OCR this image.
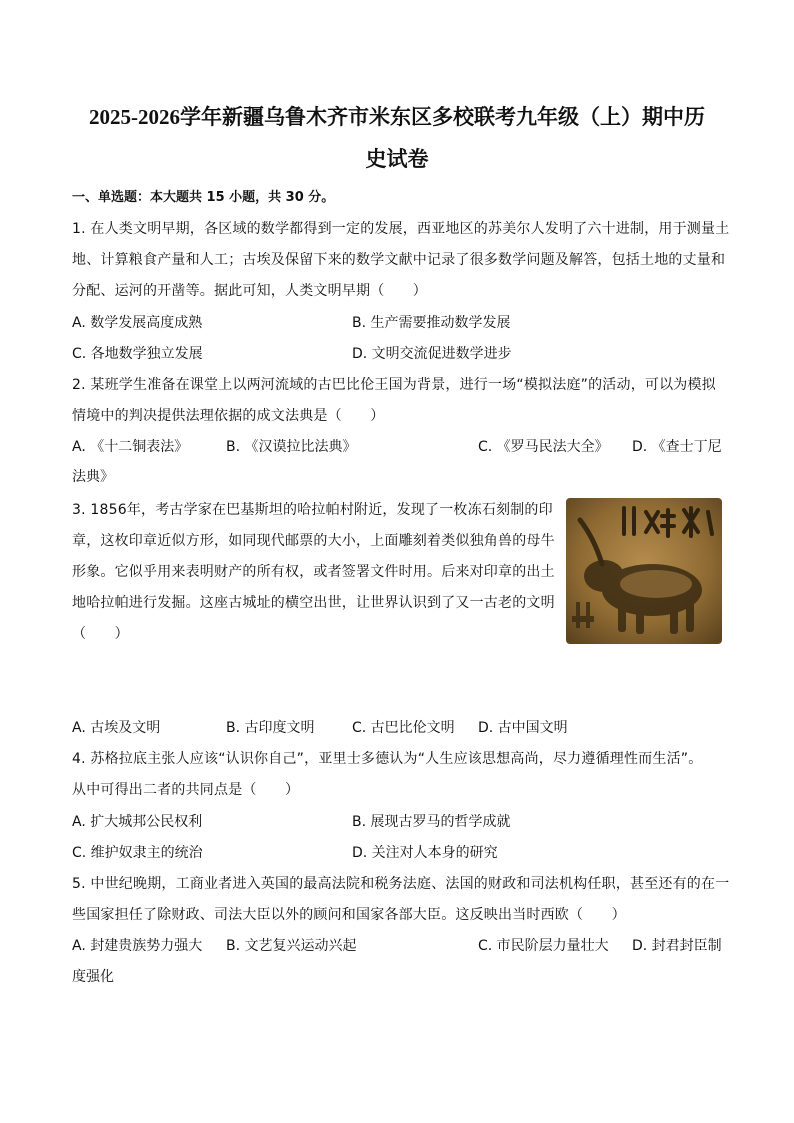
2025-2026学年新疆乌鲁木齐市米东区多校联考九年级（上）期中历
史试卷
一、单选题：本大题共 15 小题，共 30 分。
1. 在人类文明早期，各区域的数学都得到一定的发展，西亚地区的苏美尔人发明了六十进制，用于测量土
地、计算粮食产量和人工；古埃及保留下来的数学文献中记录了很多数学问题及解答，包括土地的丈量和
分配、运河的开凿等。据此可知，人类文明早期（　　）
A. 数学发展高度成熟	B. 生产需要推动数学发展
C. 各地数学独立发展	D. 文明交流促进数学进步
2. 某班学生准备在课堂上以两河流域的古巴比伦王国为背景，进行一场“模拟法庭”的活动，可以为模拟
情境中的判决提供法理依据的成文法典是（　　）
A. 《十二铜表法》	B. 《汉谟拉比法典》	C. 《罗马民法大全》 D. 《查士丁尼
法典》
3. 1856年，考古学家在巴基斯坦的哈拉帕村附近，发现了一枚冻石刻制的印
章，这枚印章近似方形，如同现代邮票的大小，上面雕刻着类似独角兽的母牛
形象。它似乎用来表明财产的所有权，或者签署文件时用。后来对印章的出土
地哈拉帕进行发掘。这座古城址的横空出世，让世界认识到了又一古老的文明
（　　）
A. 古埃及文明	B. 古印度文明	C. 古巴比伦文明 D. 古中国文明
4. 苏格拉底主张人应该“认识你自己”，亚里士多德认为“人生应该思想高尚，尽力遵循理性而生活”。
从中可得出二者的共同点是（　　）
A. 扩大城邦公民权利	B. 展现古罗马的哲学成就
C. 维护奴隶主的统治	D. 关注对人本身的研究
5. 中世纪晚期，工商业者进入英国的最高法院和税务法庭、法国的财政和司法机构任职，甚至还有的在一
些国家担任了除财政、司法大臣以外的顾问和国家各部大臣。这反映出当时西欧（　　）
A. 封建贵族势力强大 B. 文艺复兴运动兴起	C. 市民阶层力量壮大 D. 封君封臣制
度强化
